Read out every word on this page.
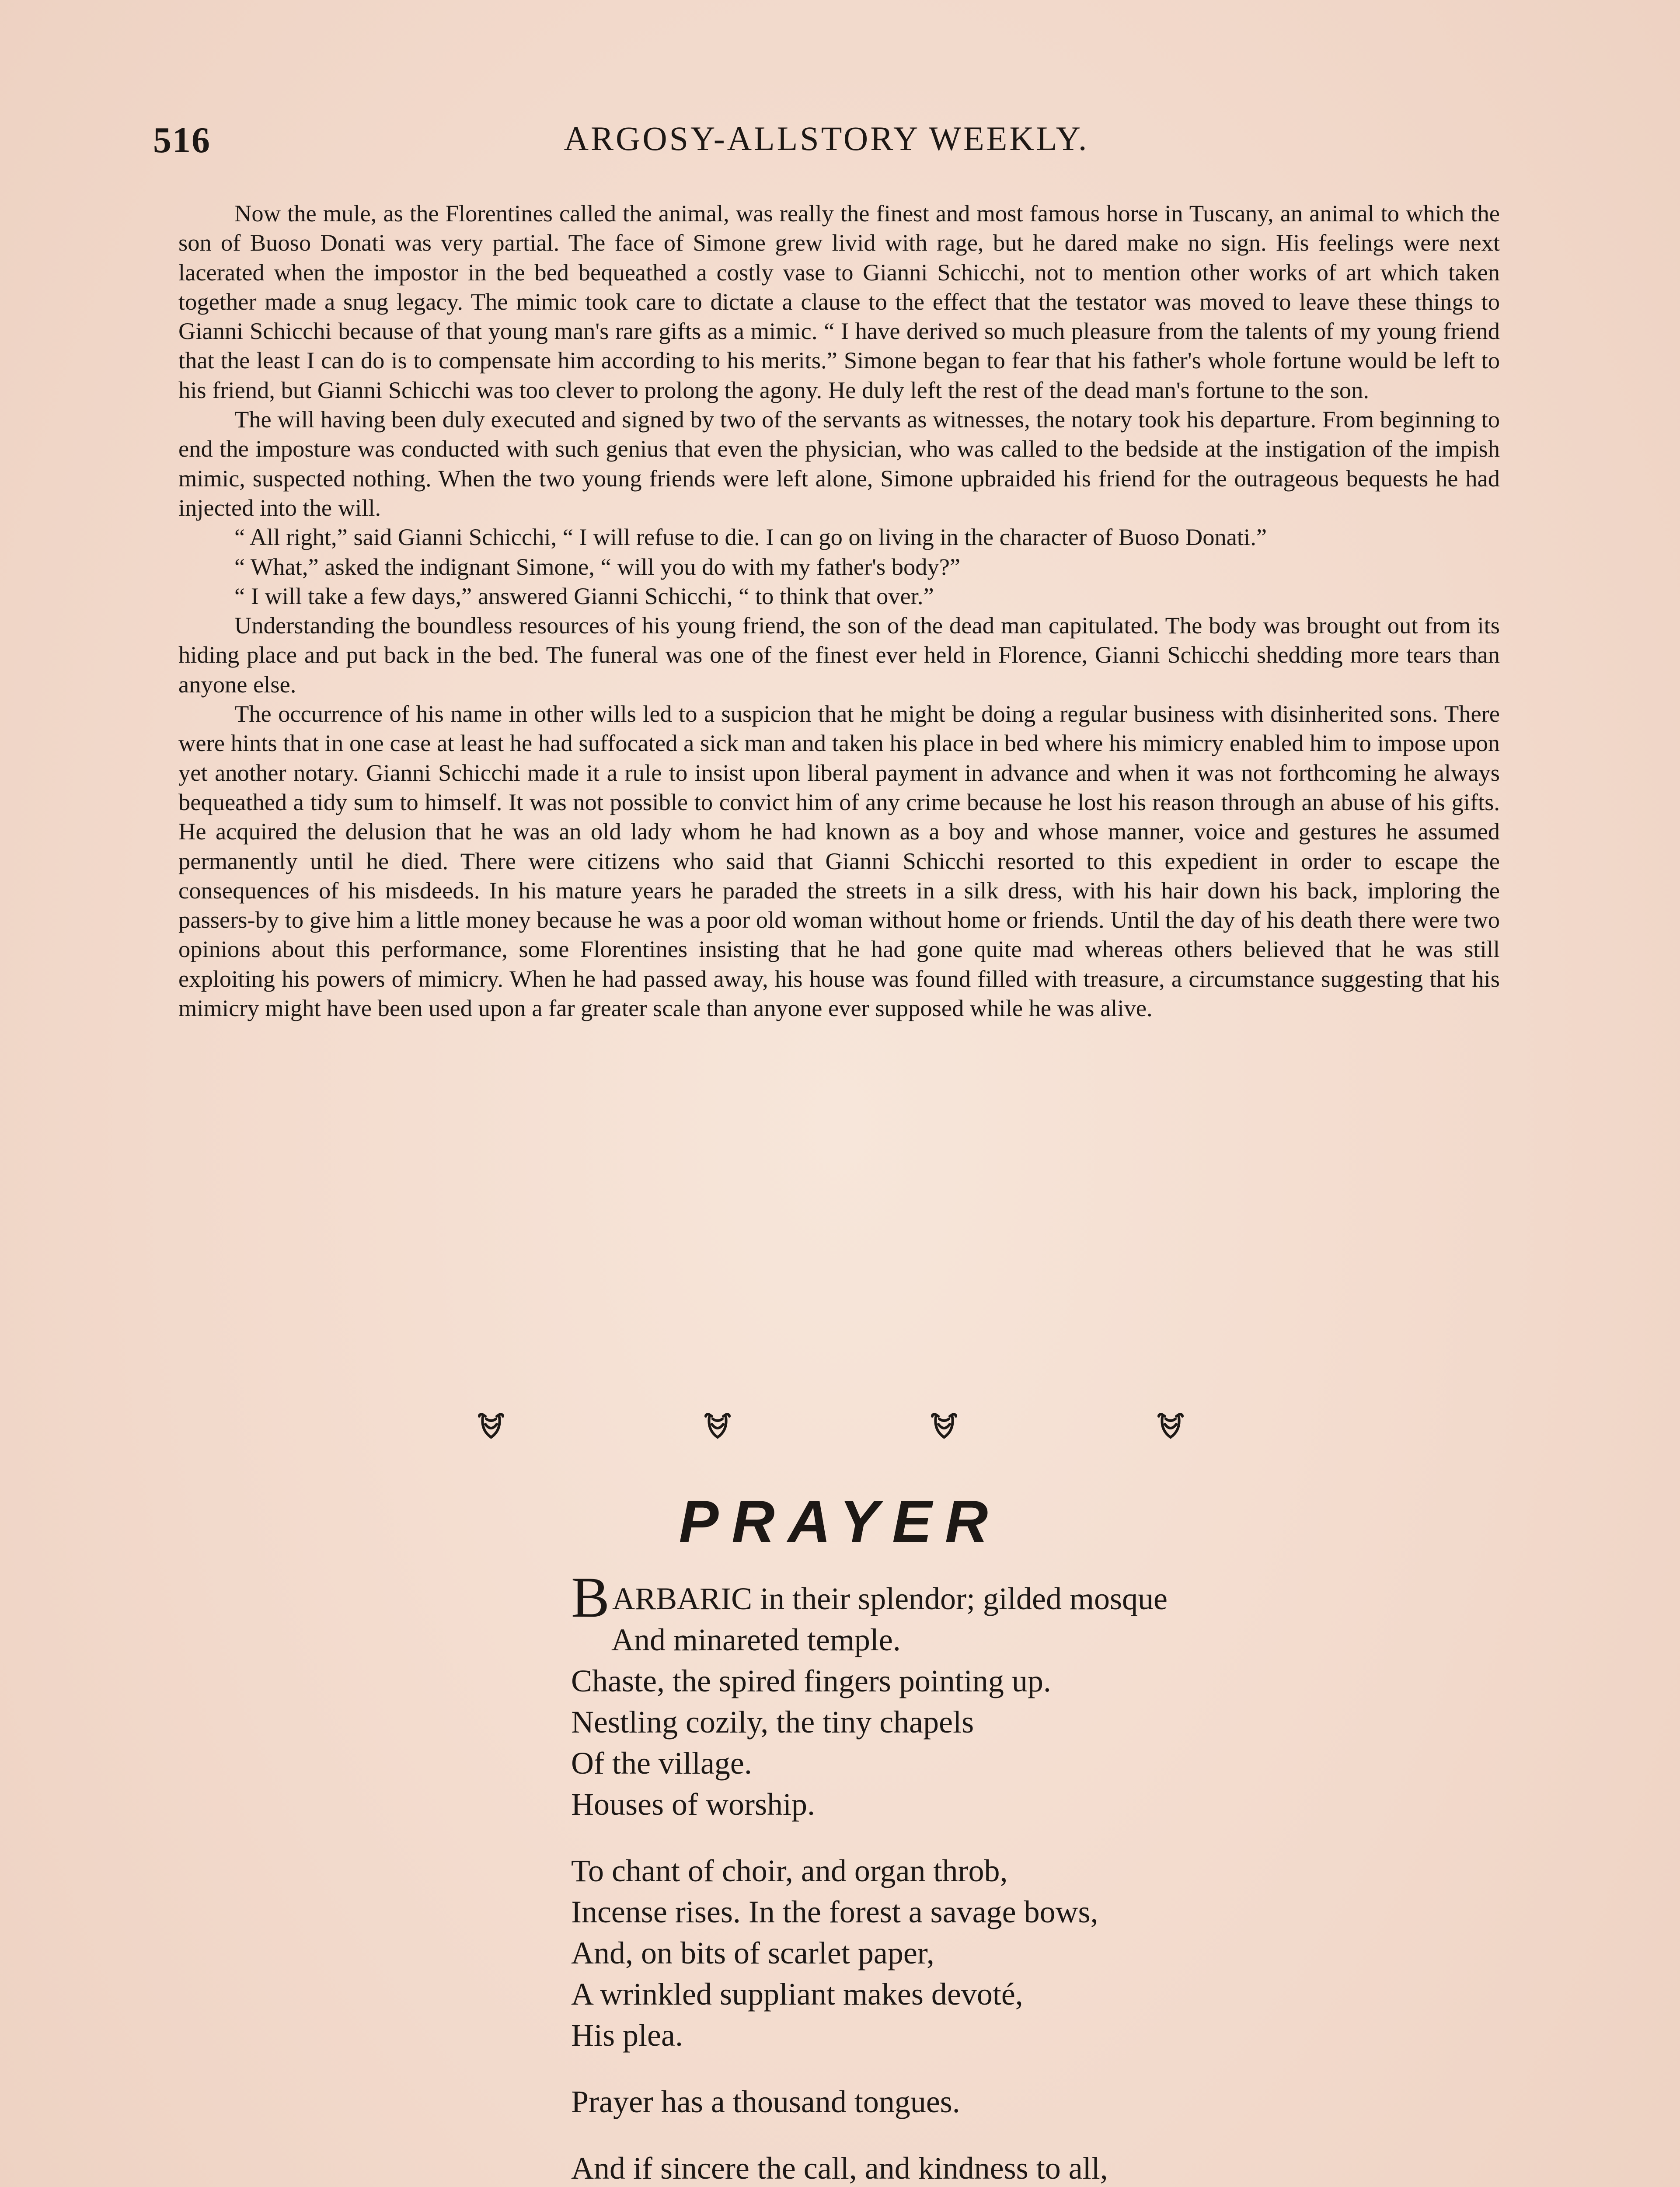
516	ARGOSY-ALLSTORY WEEKLY.

Now the mule, as the Florentines called the animal, was really the finest and most famous horse in Tuscany, an animal to which the son of Buoso Donati was very partial. The face of Simone grew livid with rage, but he dared make no sign. His feelings were next lacerated when the impostor in the bed bequeathed a costly vase to Gianni Schicchi, not to mention other works of art which taken together made a snug legacy. The mimic took care to dictate a clause to the effect that the testator was moved to leave these things to Gianni Schicchi because of that young man's rare gifts as a mimic. “ I have derived so much pleasure from the talents of my young friend that the least I can do is to compensate him according to his merits.” Simone began to fear that his father's whole fortune would be left to his friend, but Gianni Schicchi was too clever to prolong the agony. He duly left the rest of the dead man's fortune to the son.

The will having been duly executed and signed by two of the servants as witnesses, the notary took his departure. From beginning to end the imposture was conducted with such genius that even the physician, who was called to the bedside at the instigation of the impish mimic, suspected nothing. When the two young friends were left alone, Simone upbraided his friend for the outrageous bequests he had injected into the will.

“ All right,” said Gianni Schicchi, “ I will refuse to die. I can go on living in the character of Buoso Donati.”

“ What,” asked the indignant Simone, “ will you do with my father's body?”

“ I will take a few days,” answered Gianni Schicchi, “ to think that over.”

Understanding the boundless resources of his young friend, the son of the dead man capitulated. The body was brought out from its hiding place and put back in the bed. The funeral was one of the finest ever held in Florence, Gianni Schicchi shedding more tears than anyone else.

The occurrence of his name in other wills led to a suspicion that he might be doing a regular business with disinherited sons. There were hints that in one case at least he had suffocated a sick man and taken his place in bed where his mimicry enabled him to impose upon yet another notary. Gianni Schicchi made it a rule to insist upon liberal payment in advance and when it was not forthcoming he always bequeathed a tidy sum to himself. It was not possible to convict him of any crime because he lost his reason through an abuse of his gifts. He acquired the delusion that he was an old lady whom he had known as a boy and whose manner, voice and gestures he assumed permanently until he died. There were citizens who said that Gianni Schicchi resorted to this expedient in order to escape the consequences of his misdeeds. In his mature years he paraded the streets in a silk dress, with his hair down his back, imploring the passers-by to give him a little money because he was a poor old woman without home or friends. Until the day of his death there were two opinions about this performance, some Florentines insisting that he had gone quite mad whereas others believed that he was still exploiting his powers of mimicry. When he had passed away, his house was found filled with treasure, a circumstance suggesting that his mimicry might have been used upon a far greater scale than anyone ever supposed while he was alive.

PRAYER
B ARBARIC in their splendor; gilded mosque
And minareted temple.
Chaste, the spired fingers pointing up.
Nestling cozily, the tiny chapels
Of the village.
Houses of worship.
To chant of choir, and organ throb,
Incense rises. In the forest a savage bows,
And, on bits of scarlet paper,
A wrinkled suppliant makes devoté,
His plea.
Prayer has a thousand tongues.
And if sincere the call, and kindness to all,
